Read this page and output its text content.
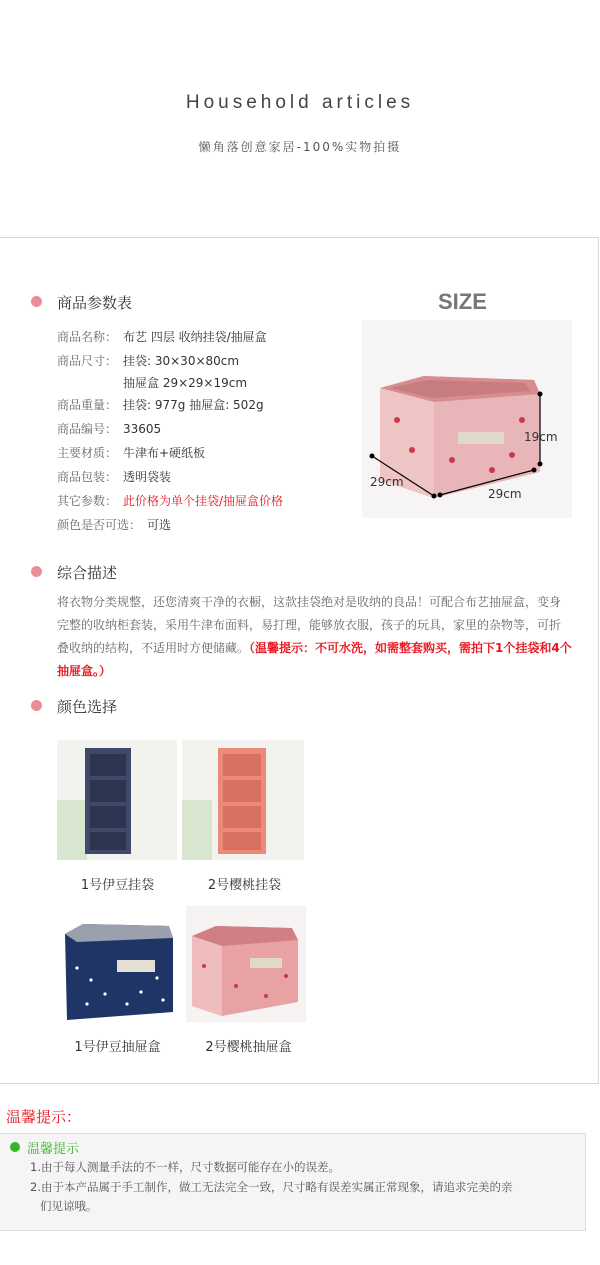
Household articles
懒角落创意家居-100%实物拍摄
商品参数表
商品名称： 布艺 四层 收纳挂袋/抽屉盒
商品尺寸： 挂袋: 30×30×80cm
抽屉盒 29×29×19cm
商品重量： 挂袋: 977g 抽屉盒: 502g
商品编号： 33605
主要材质： 牛津布+硬纸板
商品包装： 透明袋装
其它参数： 此价格为单个挂袋/抽屉盒价格
颜色是否可选： 可选
SIZE
19cm
29cm
29cm
综合描述
将衣物分类规整，还您清爽干净的衣橱，这款挂袋绝对是收纳的良品！可配合布艺抽屉盒，变身完整的收纳柜套装，采用牛津布面料，易打理，能够放衣服，孩子的玩具，家里的杂物等，可折叠收纳的结构，不适用时方便储藏。（温馨提示：不可水洗，如需整套购买，需拍下1个挂袋和4个抽屉盒。）
颜色选择
1号伊豆挂袋	2号樱桃挂袋
1号伊豆抽屉盒	2号樱桃抽屉盒
温馨提示：
温馨提示
1.由于每人测量手法的不一样，尺寸数据可能存在小的误差。
2.由于本产品属于手工制作，做工无法完全一致，尺寸略有误差实属正常现象，请追求完美的亲
们见谅哦。
